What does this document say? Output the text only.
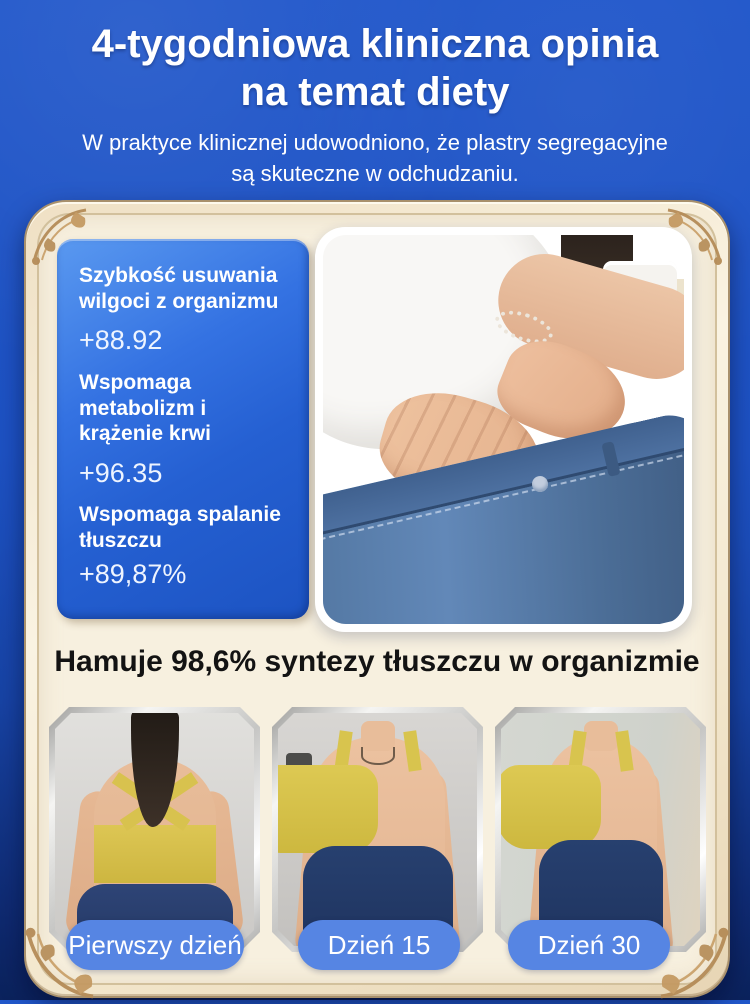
4-tygodniowa kliniczna opinia
na temat diety

W praktyce klinicznej udowodniono, że plastry segregacyjne
są skuteczne w odchudzaniu.

Szybkość usuwania wilgoci z organizmu
+88.92
Wspomaga metabolizm i krążenie krwi
+96.35
Wspomaga spalanie tłuszczu
+89,87%
Hamuje 98,6% syntezy tłuszczu w organizmie
Pierwszy dzień	Dzień 15	Dzień 30
